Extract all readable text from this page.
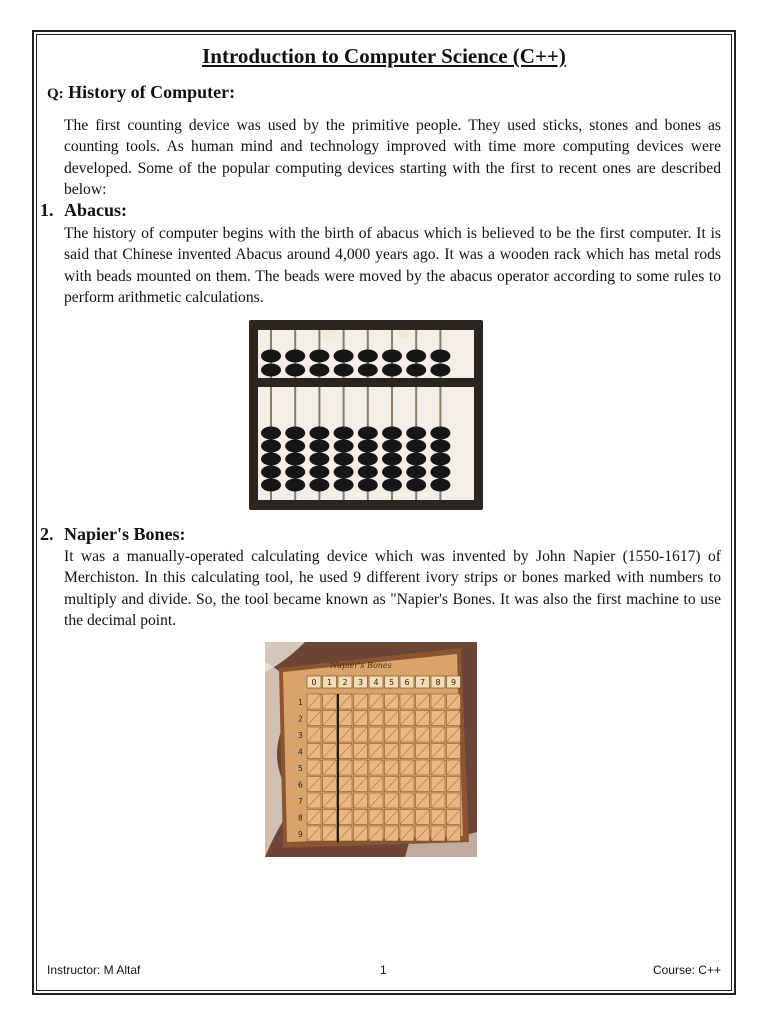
Introduction to Computer Science (C++)
Q: History of Computer:
The first counting device was used by the primitive people. They used sticks, stones and bones as counting tools. As human mind and technology improved with time more computing devices were developed. Some of the popular computing devices starting with the first to recent ones are described below:
1. Abacus:
The history of computer begins with the birth of abacus which is believed to be the first computer. It is said that Chinese invented Abacus around 4,000 years ago. It was a wooden rack which has metal rods with beads mounted on them. The beads were moved by the abacus operator according to some rules to perform arithmetic calculations.
2. Napier's Bones:
It was a manually-operated calculating device which was invented by John Napier (1550-1617) of Merchiston. In this calculating tool, he used 9 different ivory strips or bones marked with numbers to multiply and divide. So, the tool became known as "Napier's Bones. It was also the first machine to use the decimal point.
Napier's Bones
0 1 2 3 4 5 6 7 8 9
1
2
3
4
5
6
7
8
9
Instructor: M Altaf	1	Course: C++
